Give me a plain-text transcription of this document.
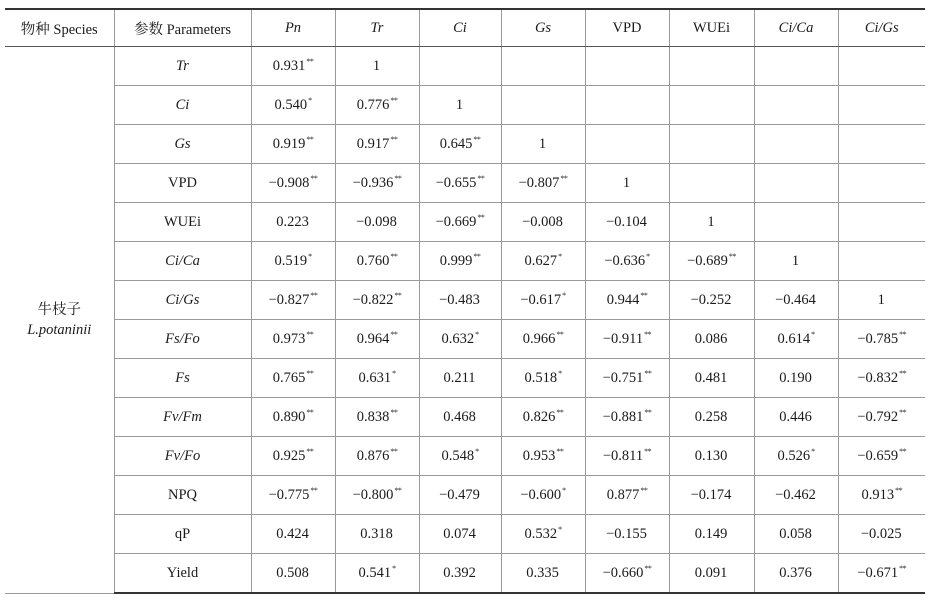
物种 Species	参数 Parameters	Pn	Tr	Ci	Gs	VPD	WUEi	Ci/Ca	Ci/Gs

牛枝子
L.potaninii	Tr	0.931**	1						
	Ci	0.540*	0.776**	1					
	Gs	0.919**	0.917**	0.645**	1				
	VPD	−0.908**	−0.936**	−0.655**	−0.807**	1			
	WUEi	0.223	−0.098	−0.669**	−0.008	−0.104	1		
	Ci/Ca	0.519*	0.760**	0.999**	0.627*	−0.636*	−0.689**	1	
	Ci/Gs	−0.827**	−0.822**	−0.483	−0.617*	0.944**	−0.252	−0.464	1
	Fs/Fo	0.973**	0.964**	0.632*	0.966**	−0.911**	0.086	0.614*	−0.785**
	Fs	0.765**	0.631*	0.211	0.518*	−0.751**	0.481	0.190	−0.832**
	Fv/Fm	0.890**	0.838**	0.468	0.826**	−0.881**	0.258	0.446	−0.792**
	Fv/Fo	0.925**	0.876**	0.548*	0.953**	−0.811**	0.130	0.526*	−0.659**
	NPQ	−0.775**	−0.800**	−0.479	−0.600*	0.877**	−0.174	−0.462	0.913**
	qP	0.424	0.318	0.074	0.532*	−0.155	0.149	0.058	−0.025
	Yield	0.508	0.541*	0.392	0.335	−0.660**	0.091	0.376	−0.671**
